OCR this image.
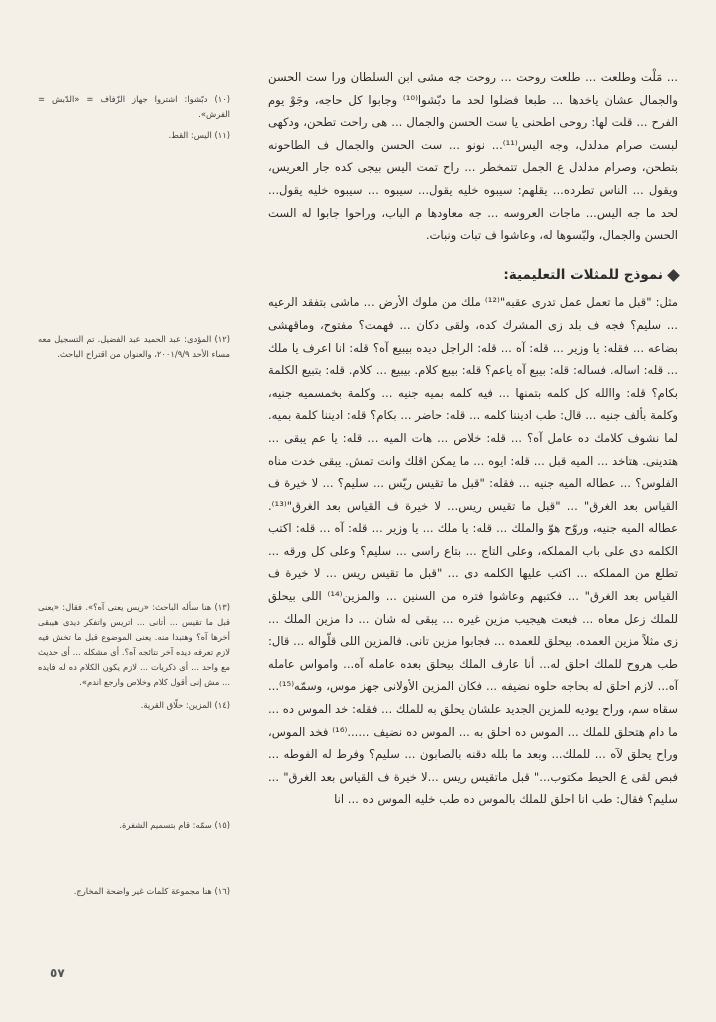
... مَلْت وطلعت ... طلعت روحت ... روحت جه مشى ابن السلطان ورا ست الحسن والجمال عشان ياخدها ... طبعا فضلوا لحد ما دبّشوا⁽¹⁰⁾ وجابوا كل حاجه، وجَوْ يوم الفرح ... قلت لها: روحى اطحنى يا ست الحسن والجمال ... هى راحت تطحن، ودكهى لبست صرام مدلدل، وجه اليس⁽¹¹⁾... نونو ... ست الحسن والجمال ف الطاحونه بتطحن، وصرام مدلدل ع الجمل تتمخطر ... راح تمت اليس بيجى كده جار العريس، ويقول ... الناس تطرده... يقلهم: سيبوه خليه يقول... سيبوه ... سيبوه خليه يقول... لحد ما جه اليس... ماجات العروسه ... جه معاودها م الباب، وراحوا جابوا له الست الحسن والجمال، ولبّسوها له، وعاشوا ف تبات ونبات.

نموذج للمثلات التعليمية:

مثل: "قبل ما تعمل عمل تدرى عقبه"⁽¹²⁾ ملك من ملوك الأرض ... ماشى بتفقد الرعيه ... سليم؟ فجه ف بلد زى المشرك كده، ولقى دكان ... فهمت؟ مفتوح، وماقهشى بضاعه ... فقله: يا وزير ... قله: آه ... قله: الراجل ديده بيبيع آه؟ قله: انا اعرف يا ملك ... قله: اساله. فساله: قله: بيبع آه ياعم؟ قله: بيبع كلام. بيبيع ... كلام. قله: بتبيع الكلمة بكام؟ قله: واالله كل كلمه بتمنها ... فيه كلمه بميه جنيه ... وكلمة بخمسميه جنيه، وكلمة بألف جنيه ... قال: طب اديننا كلمه ... قله: حاضر ... بكام؟ قله: اديننا كلمة بميه. لما نشوف كلامك ده عامل آه؟ ... قله: خلاص ... هات الميه ... قله: يا عم يبقى ... هتدينى. هتاخد ... الميه قبل ... قله: ايوه ... ما يمكن اقلك وانت تمش. يبقى خدت مناه الفلوس؟ ... عطاله الميه جنيه ... فقله: "قبل ما تقيس ريّس ... سليم؟ ... لا خيرة ف القياس بعد الغرق" ... "قبل ما تقيس ريس... لا خيرة ف القياس بعد الغرق"⁽¹³⁾. عطاله الميه جنيه، وروّح هوّ والملك ... قله: يا ملك ... يا وزير ... قله: آه ... قله: اكتب الكلمه دى على باب المملكه، وعلى التاج ... بتاع راسى ... سليم؟ وعلى كل ورقه ... تطلع من المملكه ... اكتب عليها الكلمه دى ... "قبل ما تقيس ريس ... لا خيرة ف القياس بعد الغرق" ... فكتبهم وعاشوا فتره من السنين ... والمزين⁽¹⁴⁾ اللى بيحلق للملك زعل معاه ... فبعت هيجيب مزين غيره ... يبقى له شان ... دا مزين الملك ... زى مثلاً مزين العمده. بيحلق للعمده ... فجابوا مزين تانى. فالمزين اللى قلّواله ... قال: طب هروح للملك احلق له... أنا عارف الملك بيحلق بعده عامله آه... وامواس عامله آه... لازم احلق له بحاجه حلوه نضيفه ... فكان المزين الأولانى جهز موس، وسمّه⁽¹⁵⁾... سقاه سم، وراح يوديه للمزين الجديد علشان يحلق به للملك ... فقله: خد الموس ده ... ما دام هتحلق للملك ... الموس ده احلق به ... الموس ده نضيف ......⁽¹⁶⁾ فخد الموس، وراح يحلق لآه ... للملك... وبعد ما بلله دقنه بالصابون ... سليم؟ وفرط له الفوطه ... فبص لقى ع الحيط مكتوب..." قبل ماتقيس ريس ...لا خيرة ف القياس بعد الغرق" ... سليم؟ فقال: طب انا احلق للملك بالموس ده طب خليه الموس ده ... انا

(١٠) دبّشوا: اشتروا جهاز الزّفاف = «الدّبش = الفرش».

(١١) اليس: القط.

(١٢) المؤدى: عبد الحميد عبد الفضيل. تم التسجيل معه مساء الأحد ٢٠٠١/٩/٩، والعنوان من اقتراح الباحث.

(١٣) هنا سأله الباحث: «ريس يعنى آه؟». فقال: «يعنى قبل ما تقيس ... أتانى ... اتريس واتفكر ديدى هيبقى أخرها آه؟ وهتبدا منه. يعنى الموضوع قبل ما تخش فيه لازم تعرفه ديده آخر نتائجه آه؟. أى مشكله ... أى حديث مع واحد ... أى ذكريات ... لازم يكون الكلام ده له فايده ... مش إنى أقول كلام وخلاص وارجع اندم».

(١٤) المزين: حلّاق القرية.

(١٥) سمّه: قام بتسميم الشفرة.

(١٦) هنا مجموعة كلمات غير واضحة المخارج.

٥٧
